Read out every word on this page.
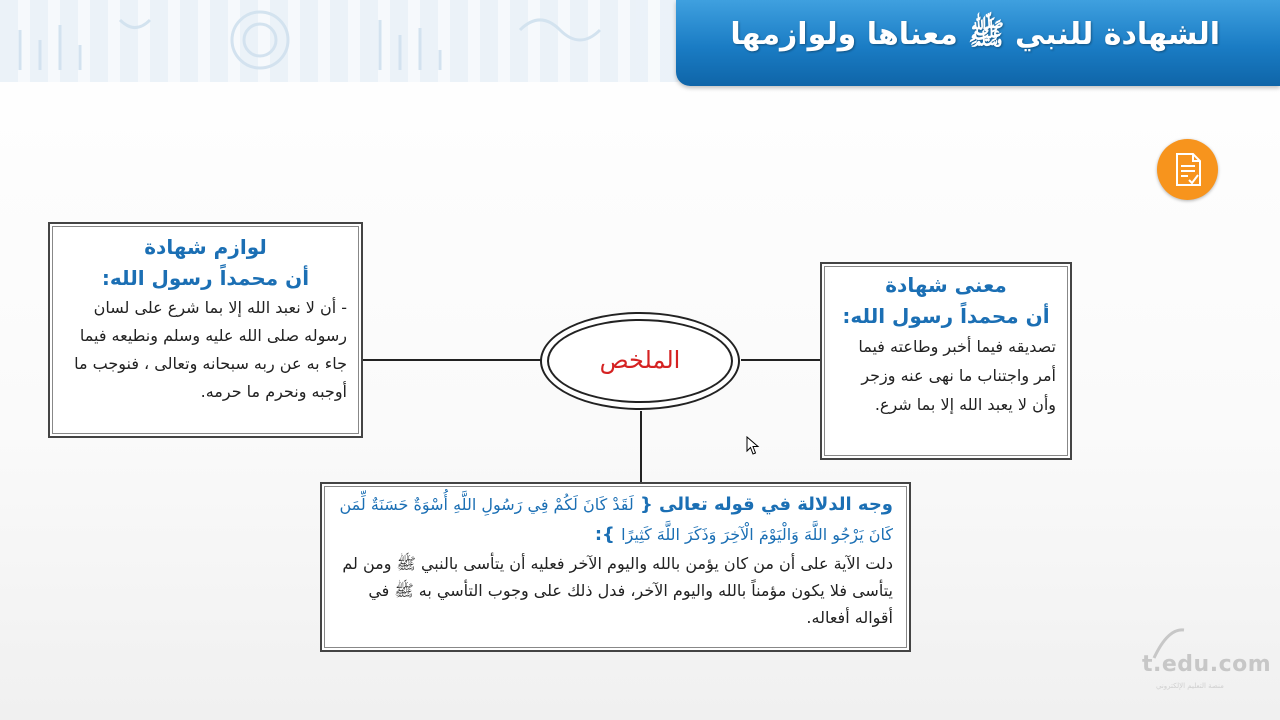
الشهادة للنبي ﷺ معناها ولوازمها
الملخص
لوازم شهادة
أن محمداً رسول الله:
- أن لا نعبد الله إلا بما شرع على لسان رسوله صلى الله عليه وسلم ونطيعه فيما جاء به عن ربه سبحانه وتعالى ، فنوجب ما أوجبه ونحرم ما حرمه.
معنى شهادة
أن محمداً رسول الله:
تصديقه فيما أخبر وطاعته فيما أمر واجتناب ما نهى عنه وزجر وأن لا يعبد الله إلا بما شرع.
وجه الدلالة في قوله تعالى { لَقَدْ كَانَ لَكُمْ فِي رَسُولِ اللَّهِ أُسْوَةٌ حَسَنَةٌ لِّمَن كَانَ يَرْجُو اللَّهَ وَالْيَوْمَ الْآخِرَ وَذَكَرَ اللَّهَ كَثِيرًا }:
دلت الآية على أن من كان يؤمن بالله واليوم الآخر فعليه أن يتأسى بالنبي ﷺ ومن لم يتأسى فلا يكون مؤمناً بالله واليوم الآخر، فدل ذلك على وجوب التأسي به ﷺ في أقواله أفعاله.
t.edu.com
منصة التعليم الإلكتروني
